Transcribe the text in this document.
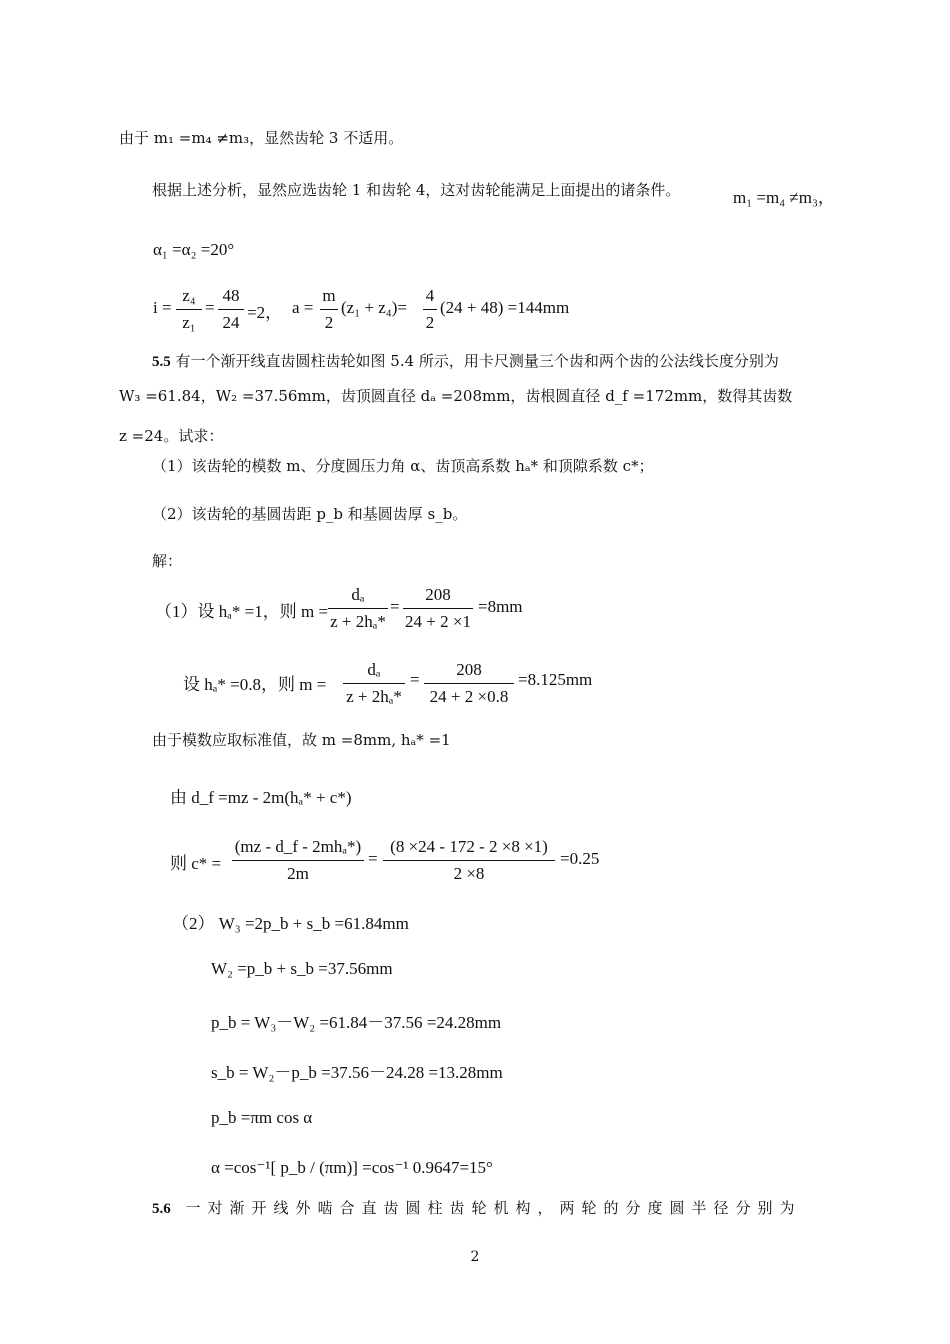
由于 m₁ =m₄ ≠m₃，显然齿轮 3 不适用。
根据上述分析，显然应选齿轮 1 和齿轮 4，这对齿轮能满足上面提出的诸条件。	m₁ =m₄ ≠m₃，
α₁ =α₂ =20°
$i = \frac{\text{z₄}}{\text{z₁}} = \frac{48}{24} =2$， $a = \frac{m}{2} (z_1 + z_4)= \frac{4}{2} (24 + 48) =144mm$
5.5 有一个渐开线直齿圆柱齿轮如图 5.4 所示，用卡尺测量三个齿和两个齿的公法线长度分别为
W₃ =61.84，W₂ =37.56mm，齿顶圆直径 dₐ =208mm，齿根圆直径 d_f =172mm，数得其齿数
z =24。试求：
（1）该齿轮的模数 m、分度圆压力角 α、齿顶高系数 hₐ* 和顶隙系数 c*；
（2）该齿轮的基圆齿距 p_b 和基圆齿厚 s_b。
解：
（1）设 hₐ* =1，则 $m = \frac{\text{dₐ}}{\text{z + 2hₐ*}} = \frac{208}{24 + 2 \times 1} =8mm$
设 hₐ* =0.8，则 $m = \frac{\text{dₐ}}{\text{z + 2hₐ*}} = \frac{208}{24 + 2 \times 0.8} =8.125mm$
由于模数应取标准值，故 m =8mm, hₐ* =1
由 d_f =mz - 2m(hₐ* + c*)
则 c* =
(mz - d_f - 2mhₐ*)
2m
= $\frac{(8 \times 24 - 172 - 2 \times 8 \times 1)}{2 \times 8} =0.25$
（2） W₃ =2p_b + s_b =61.84mm
W₂ =p_b + s_b =37.56mm
p_b = W₃－W₂ =61.84－37.56 =24.28mm
s_b = W₂－p_b =37.56－24.28 =13.28mm
p_b =πm cos α
α =cos⁻¹[ p_b / (πm)] =cos⁻¹ 0.9647=15°
5.6 一对渐开线外啮合直齿圆柱齿轮机构，两轮的分度圆半径分别为
2
